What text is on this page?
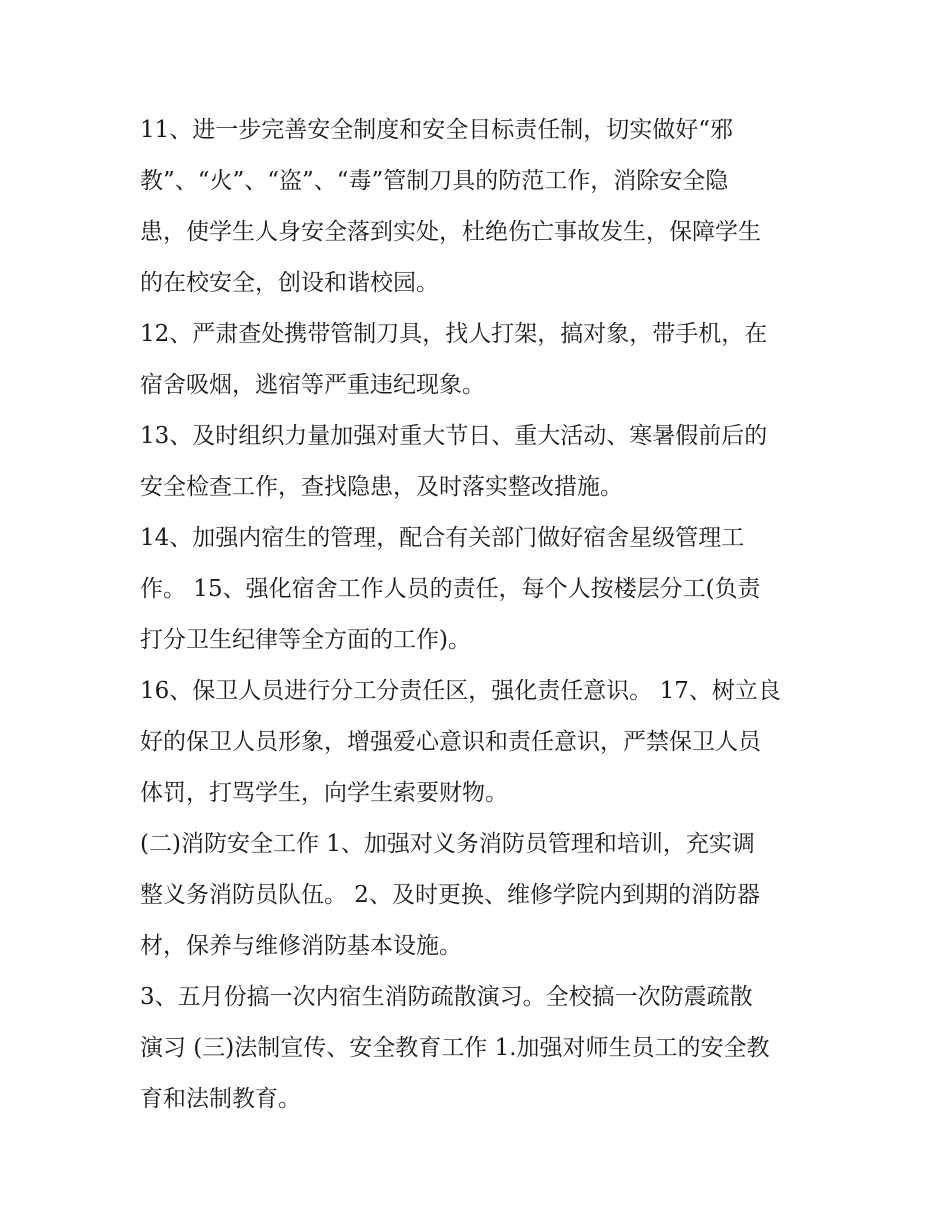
11、进一步完善安全制度和安全目标责任制，切实做好“邪

教”、“火”、“盗”、“毒”管制刀具的防范工作，消除安全隐

患，使学生人身安全落到实处，杜绝伤亡事故发生，保障学生

的在校安全，创设和谐校园。

12、严肃查处携带管制刀具，找人打架，搞对象，带手机，在

宿舍吸烟，逃宿等严重违纪现象。

13、及时组织力量加强对重大节日、重大活动、寒暑假前后的

安全检查工作，查找隐患，及时落实整改措施。

14、加强内宿生的管理，配合有关部门做好宿舍星级管理工

作。 15、强化宿舍工作人员的责任，每个人按楼层分工(负责

打分卫生纪律等全方面的工作)。

16、保卫人员进行分工分责任区，强化责任意识。 17、树立良

好的保卫人员形象，增强爱心意识和责任意识，严禁保卫人员

体罚，打骂学生，向学生索要财物。

(二)消防安全工作 1、加强对义务消防员管理和培训，充实调

整义务消防员队伍。 2、及时更换、维修学院内到期的消防器

材，保养与维修消防基本设施。

3、五月份搞一次内宿生消防疏散演习。全校搞一次防震疏散

演习 (三)法制宣传、安全教育工作 1.加强对师生员工的安全教

育和法制教育。
